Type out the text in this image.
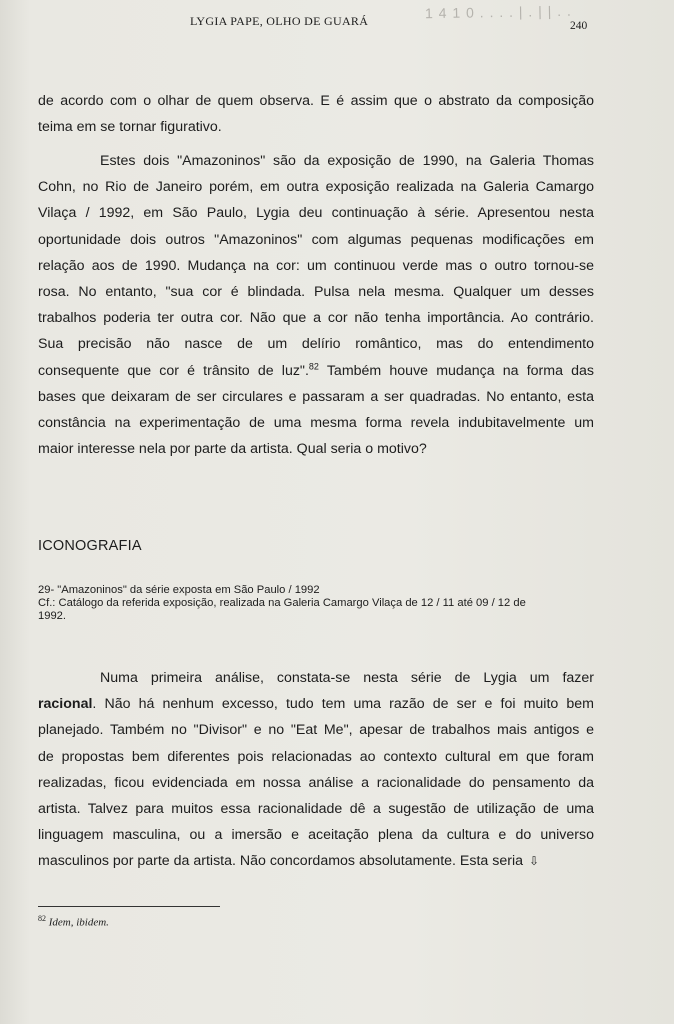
1 4 1 0 . . . . | . | | . .
LYGIA PAPE, OLHO DE GUARÁ	240
de acordo com o olhar de quem observa. E é assim que o abstrato da composição
teima em se tornar figurativo.
Estes dois "Amazoninos" são da exposição de 1990, na Galeria Thomas
Cohn, no Rio de Janeiro porém, em outra exposição realizada na Galeria Camargo
Vilaça / 1992, em São Paulo, Lygia deu continuação à série. Apresentou nesta
oportunidade dois outros "Amazoninos" com algumas pequenas modificações em
relação aos de 1990. Mudança na cor: um continuou verde mas o outro tornou-se
rosa. No entanto, "sua cor é blindada. Pulsa nela mesma. Qualquer um desses
trabalhos poderia ter outra cor. Não que a cor não tenha importância. Ao contrário.
Sua precisão não nasce de um delírio romântico, mas do entendimento
consequente que cor é trânsito de luz".$^{82}$ Também houve mudança na forma das
bases que deixaram de ser circulares e passaram a ser quadradas. No entanto, esta
constância na experimentação de uma mesma forma revela indubitavelmente um
maior interesse nela por parte da artista. Qual seria o motivo?
ICONOGRAFIA
29- "Amazoninos" da série exposta em São Paulo / 1992
Cf.: Catálogo da referida exposição, realizada na Galeria Camargo Vilaça de 12 / 11 até 09 / 12 de
1992.
Numa primeira análise, constata-se nesta série de Lygia um fazer
racional. Não há nenhum excesso, tudo tem uma razão de ser e foi muito bem
planejado. Também no "Divisor" e no "Eat Me", apesar de trabalhos mais antigos e
de propostas bem diferentes pois relacionadas ao contexto cultural em que foram
realizadas, ficou evidenciada em nossa análise a racionalidade do pensamento da
artista. Talvez para muitos essa racionalidade dê a sugestão de utilização de uma
linguagem masculina, ou a imersão e aceitação plena da cultura e do universo
masculinos por parte da artista. Não concordamos absolutamente. Esta seria ⇩
$^{82}$ Idem, ibidem.
